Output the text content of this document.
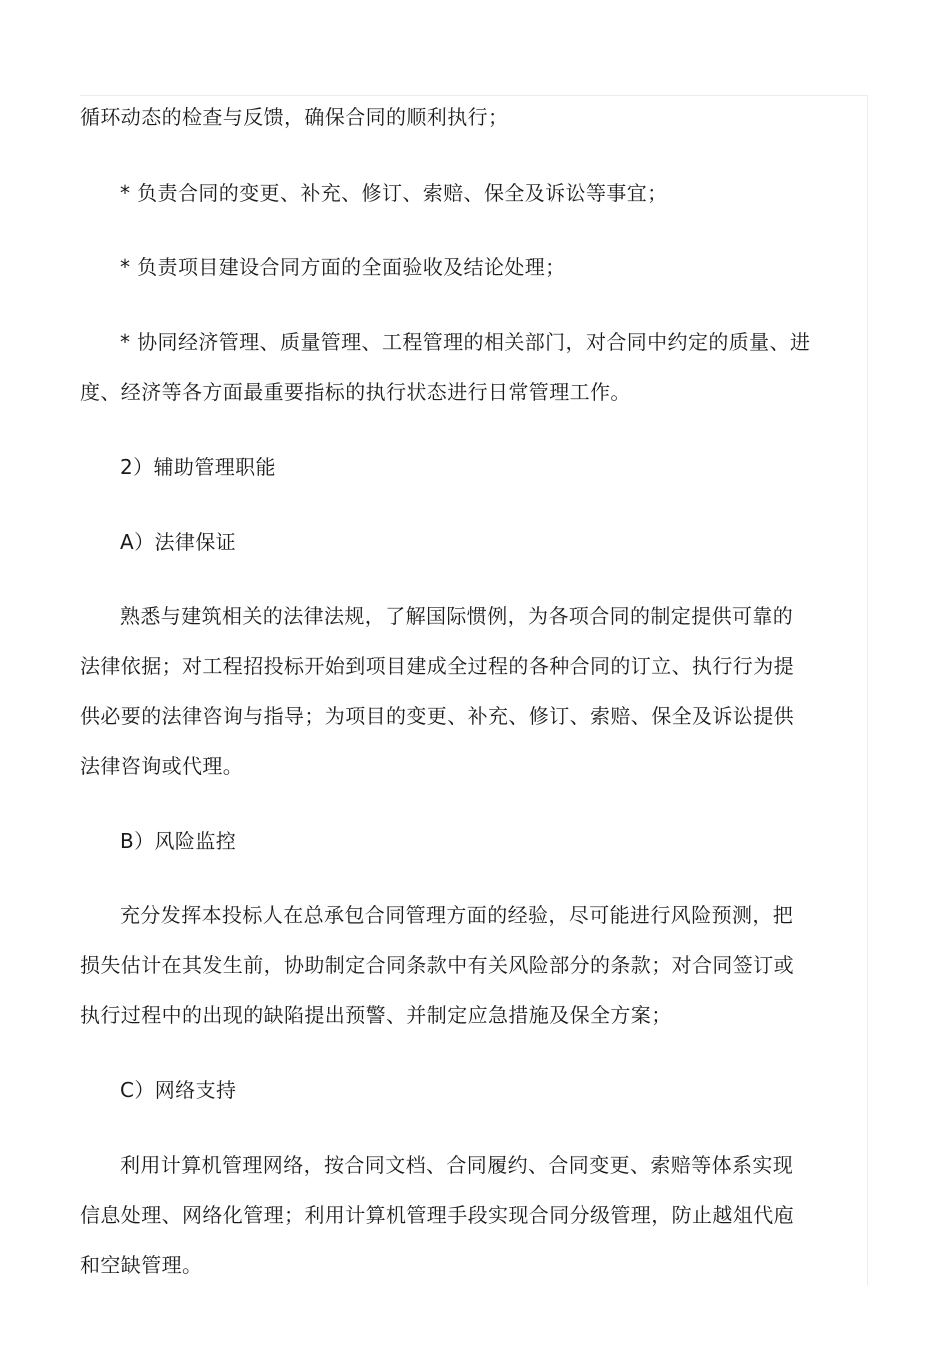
循环动态的检查与反馈，确保合同的顺利执行；

* 负责合同的变更、补充、修订、索赔、保全及诉讼等事宜；

* 负责项目建设合同方面的全面验收及结论处理；

* 协同经济管理、质量管理、工程管理的相关部门，对合同中约定的质量、进

度、经济等各方面最重要指标的执行状态进行日常管理工作。

2）辅助管理职能

A）法律保证

熟悉与建筑相关的法律法规，了解国际惯例，为各项合同的制定提供可靠的

法律依据；对工程招投标开始到项目建成全过程的各种合同的订立、执行行为提

供必要的法律咨询与指导；为项目的变更、补充、修订、索赔、保全及诉讼提供

法律咨询或代理。

B）风险监控

充分发挥本投标人在总承包合同管理方面的经验，尽可能进行风险预测，把

损失估计在其发生前，协助制定合同条款中有关风险部分的条款；对合同签订或

执行过程中的出现的缺陷提出预警、并制定应急措施及保全方案；

C）网络支持

利用计算机管理网络，按合同文档、合同履约、合同变更、索赔等体系实现

信息处理、网络化管理；利用计算机管理手段实现合同分级管理，防止越俎代庖

和空缺管理。
